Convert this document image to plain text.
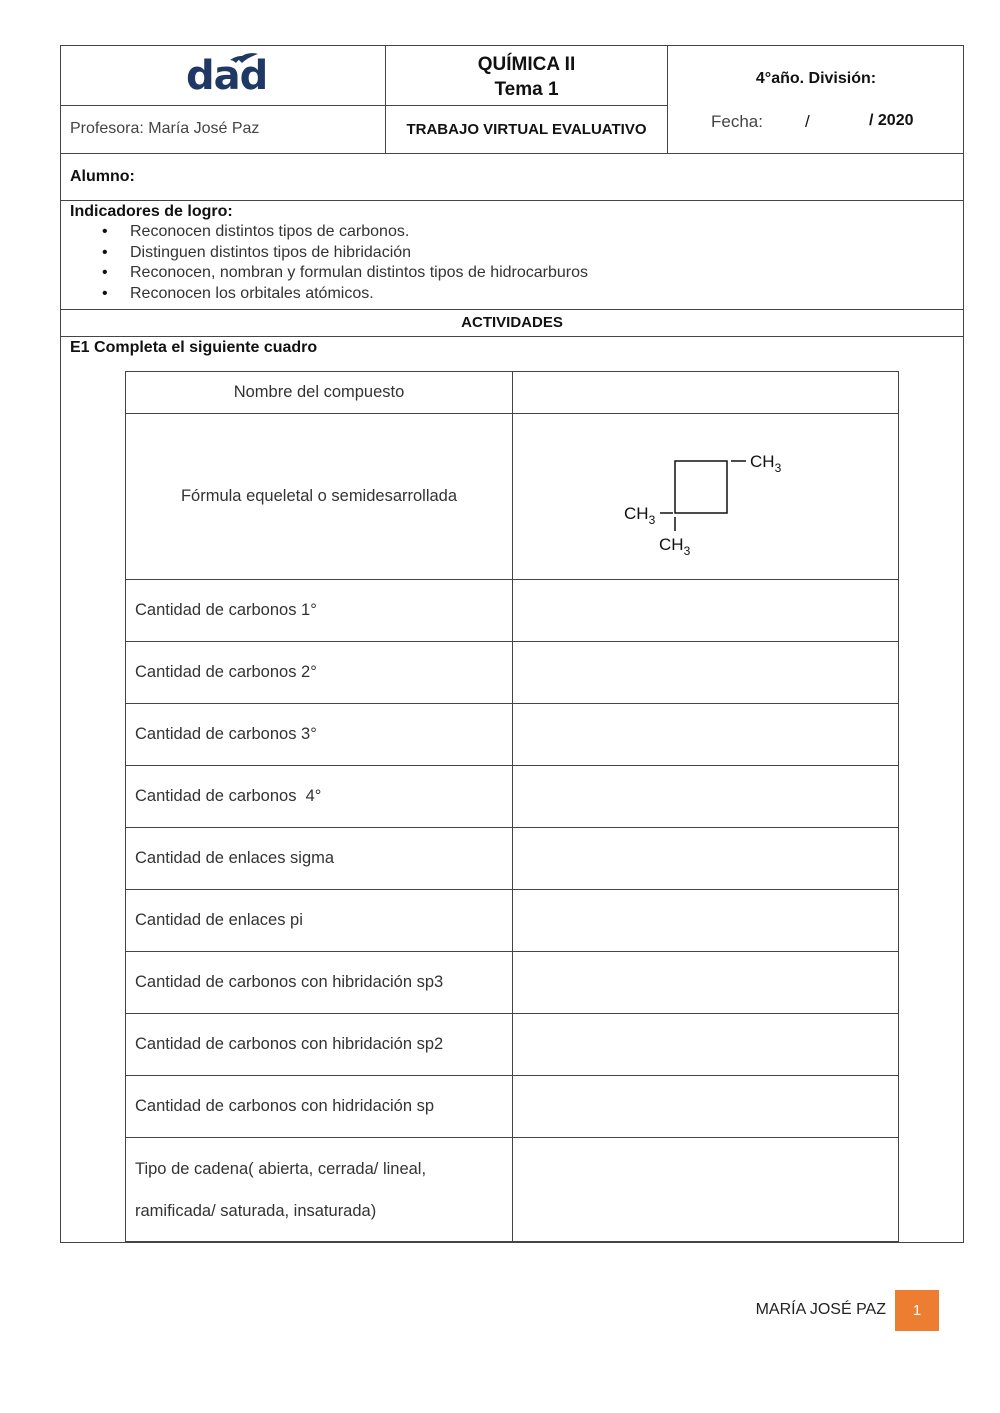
dad	QUÍMICA II
Tema 1
4°año. División:
Profesora: María José Paz	TRABAJO VIRTUAL EVALUATIVO	Fecha: /	/ 2020
Alumno:
Indicadores de logro:
• Reconocen distintos tipos de carbonos.
• Distinguen distintos tipos de hibridación
• Reconocen, nombran y formulan distintos tipos de hidrocarburos
• Reconocen los orbitales atómicos.
ACTIVIDADES
E1 Completa el siguiente cuadro
Nombre del compuesto	
Fórmula equeletal o semidesarrollada	$CH_3$
$CH_3$
$CH_3$

Cantidad de carbonos 1°	
Cantidad de carbonos 2°	
Cantidad de carbonos 3°	
Cantidad de carbonos  4°	
Cantidad de enlaces sigma	
Cantidad de enlaces pi	
Cantidad de carbonos con hibridación sp3	
Cantidad de carbonos con hibridación sp2	
Cantidad de carbonos con hidridación sp	

Tipo de cadena( abierta, cerrada/ lineal,
ramificada/ saturada, insaturada)	

MARÍA JOSÉ PAZ	1
